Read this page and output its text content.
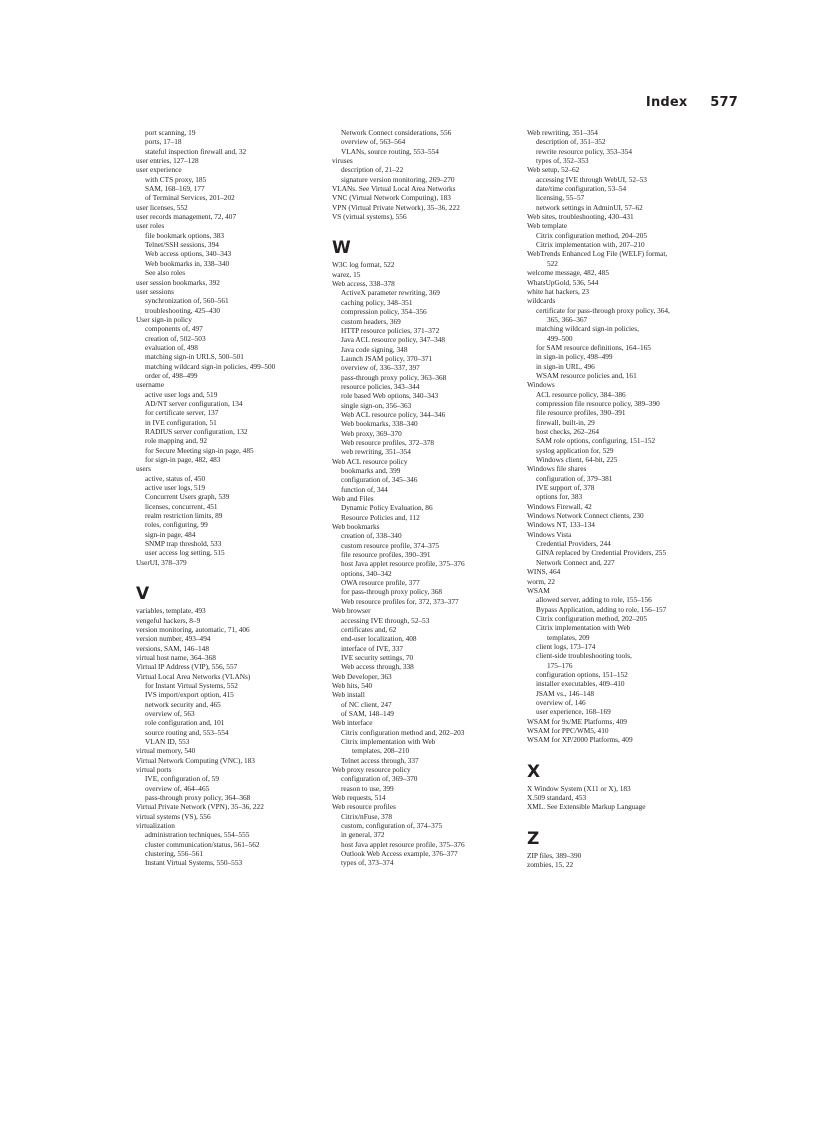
Index 577
port scanning, 19
ports, 17–18
stateful inspection firewall and, 32
user entries, 127–128
user experience
with CTS proxy, 185
SAM, 168–169, 177
of Terminal Services, 201–202
user licenses, 552
user records management, 72, 407
user roles
file bookmark options, 383
Telnet/SSH sessions, 394
Web access options, 340–343
Web bookmarks in, 338–340
See also roles
user session bookmarks, 392
user sessions
synchronization of, 560–561
troubleshooting, 425–430
User sign-in policy
components of, 497
creation of, 502–503
evaluation of, 498
matching sign-in URLS, 500–501
matching wildcard sign-in policies, 499–500
order of, 498–499
username
active user logs and, 519
AD/NT server configuration, 134
for certificate server, 137
in IVE configuration, 51
RADIUS server configuration, 132
role mapping and, 92
for Secure Meeting sign-in page, 485
for sign-in page, 482, 483
users
active, status of, 450
active user logs, 519
Concurrent Users graph, 539
licenses, concurrent, 451
realm restriction limits, 89
roles, configuring, 99
sign-in page, 484
SNMP trap threshold, 533
user access log setting, 515
UserUI, 378–379
V
variables, template, 493
vengeful hackers, 8–9
version monitoring, automatic, 71, 406
version number, 493–494
versions, SAM, 146–148
virtual host name, 364–368
Virtual IP Address (VIP), 556, 557
Virtual Local Area Networks (VLANs)
for Instant Virtual Systems, 552
IVS import/export option, 415
network security and, 465
overview of, 563
role configuration and, 101
source routing and, 553–554
VLAN ID, 553
virtual memory, 540
Virtual Network Computing (VNC), 183
virtual ports
IVE, configuration of, 59
overview of, 464–465
pass-through proxy policy, 364–368
Virtual Private Network (VPN), 35–36, 222
virtual systems (VS), 556
virtualization
administration techniques, 554–555
cluster communication/status, 561–562
clustering, 556–561
Instant Virtual Systems, 550–553
Network Connect considerations, 556
overview of, 563–564
VLANs, source routing, 553–554
viruses
description of, 21–22
signature version monitoring, 269–270
VLANs. See Virtual Local Area Networks
VNC (Virtual Network Computing), 183
VPN (Virtual Private Network), 35–36, 222
VS (virtual systems), 556
W
W3C log format, 522
warez, 15
Web access, 338–378
ActiveX parameter rewriting, 369
caching policy, 348–351
compression policy, 354–356
custom headers, 369
HTTP resource policies, 371–372
Java ACL resource policy, 347–348
Java code signing, 348
Launch JSAM policy, 370–371
overview of, 336–337, 397
pass-through proxy policy, 363–368
resource policies, 343–344
role based Web options, 340–343
single sign-on, 356–363
Web ACL resource policy, 344–346
Web bookmarks, 338–340
Web proxy, 369–370
Web resource profiles, 372–378
web rewriting, 351–354
Web ACL resource policy
bookmarks and, 399
configuration of, 345–346
function of, 344
Web and Files
Dynamic Policy Evaluation, 86
Resource Policies and, 112
Web bookmarks
creation of, 338–340
custom resource profile, 374–375
file resource profiles, 390–391
host Java applet resource profile, 375–376
options, 340–342
OWA resource profile, 377
for pass-through proxy policy, 368
Web resource profiles for, 372, 373–377
Web browser
accessing IVE through, 52–53
certificates and, 62
end-user localization, 408
interface of IVE, 337
IVE security settings, 70
Web access through, 338
Web Developer, 363
Web hits, 540
Web install
of NC client, 247
of SAM, 148–149
Web interface
Citrix configuration method and, 202–203
Citrix implementation with Web
templates, 208–210
Telnet access through, 337
Web proxy resource policy
configuration of, 369–370
reason to use, 399
Web requests, 514
Web resource profiles
Citrix/nFuse, 378
custom, configuration of, 374–375
in general, 372
host Java applet resource profile, 375–376
Outlook Web Access example, 376–377
types of, 373–374
Web rewriting, 351–354
description of, 351–352
rewrite resource policy, 353–354
types of, 352–353
Web setup, 52–62
accessing IVE through WebUI, 52–53
date/time configuration, 53–54
licensing, 55–57
network settings in AdminUI, 57–62
Web sites, troubleshooting, 430–431
Web template
Citrix configuration method, 204–205
Citrix implementation with, 207–210
WebTrends Enhanced Log File (WELF) format,
522
welcome message, 482, 485
WhatsUpGold, 536, 544
white hat hackers, 23
wildcards
certificate for pass-through proxy policy, 364,
365, 366–367
matching wildcard sign-in policies,
499–500
for SAM resource definitions, 164–165
in sign-in policy, 498–499
in sign-in URL, 496
WSAM resource policies and, 161
Windows
ACL resource policy, 384–386
compression file resource policy, 389–390
file resource profiles, 390–391
firewall, built-in, 29
host checks, 262–264
SAM role options, configuring, 151–152
syslog application for, 529
Windows client, 64-bit, 225
Windows file shares
configuration of, 379–381
IVE support of, 378
options for, 383
Windows Firewall, 42
Windows Network Connect clients, 230
Windows NT, 133–134
Windows Vista
Credential Providers, 244
GINA replaced by Credential Providers, 255
Network Connect and, 227
WINS, 464
worm, 22
WSAM
allowed server, adding to role, 155–156
Bypass Application, adding to role, 156–157
Citrix configuration method, 202–205
Citrix implementation with Web
templates, 209
client logs, 173–174
client-side troubleshooting tools,
175–176
configuration options, 151–152
installer executables, 409–410
JSAM vs., 146–148
overview of, 146
user experience, 168–169
WSAM for 9x/ME Platforms, 409
WSAM for PPC/WM5, 410
WSAM for XP/2000 Platforms, 409
X
X Window System (X11 or X), 183
X.509 standard, 453
XML. See Extensible Markup Language
Z
ZIP files, 389–390
zombies, 15, 22
